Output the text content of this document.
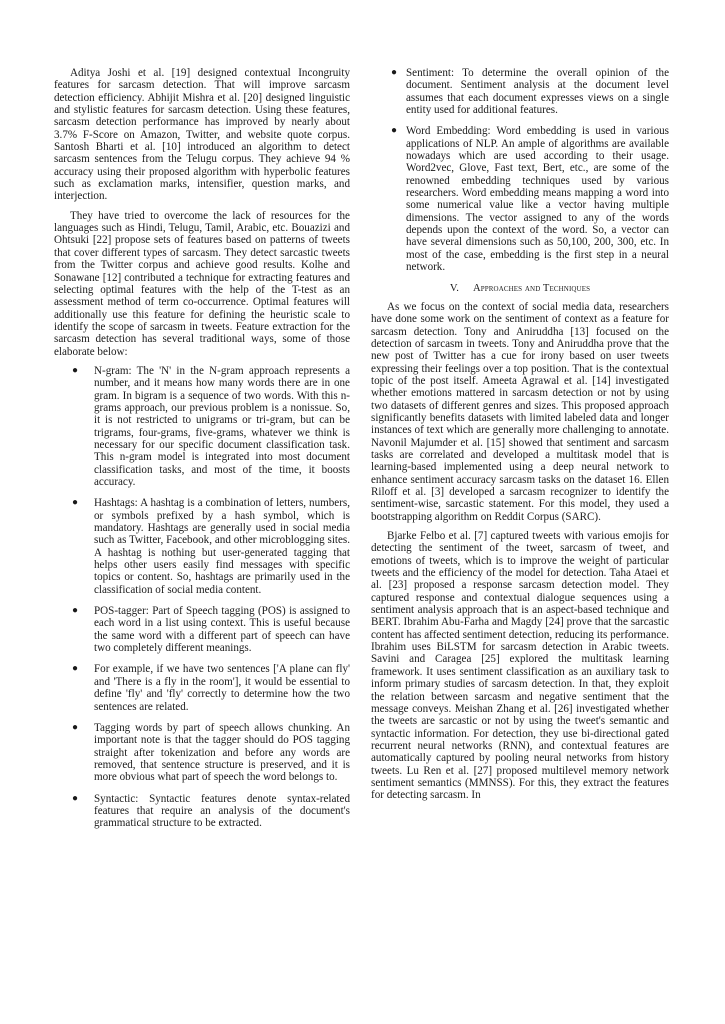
Aditya Joshi et al. [19] designed contextual Incongruity features for sarcasm detection. That will improve sarcasm detection efficiency. Abhijit Mishra et al. [20] designed linguistic and stylistic features for sarcasm detection. Using these features, sarcasm detection performance has improved by nearly about 3.7% F-Score on Amazon, Twitter, and website quote corpus. Santosh Bharti et al. [10] introduced an algorithm to detect sarcasm sentences from the Telugu corpus. They achieve 94 % accuracy using their proposed algorithm with hyperbolic features such as exclamation marks, intensifier, question marks, and interjection.

They have tried to overcome the lack of resources for the languages such as Hindi, Telugu, Tamil, Arabic, etc. Bouazizi and Ohtsuki [22] propose sets of features based on patterns of tweets that cover different types of sarcasm. They detect sarcastic tweets from the Twitter corpus and achieve good results. Kolhe and Sonawane [12] contributed a technique for extracting features and selecting optimal features with the help of the T-test as an assessment method of term co-occurrence. Optimal features will additionally use this feature for defining the heuristic scale to identify the scope of sarcasm in tweets. Feature extraction for the sarcasm detection has several traditional ways, some of those elaborate below:

● N-gram: The 'N' in the N-gram approach represents a number, and it means how many words there are in one gram. In bigram is a sequence of two words. With this n-grams approach, our previous problem is a nonissue. So, it is not restricted to unigrams or tri-gram, but can be trigrams, four-grams, five-grams, whatever we think is necessary for our specific document classification task. This n-gram model is integrated into most document classification tasks, and most of the time, it boosts accuracy.
● Hashtags: A hashtag is a combination of letters, numbers, or symbols prefixed by a hash symbol, which is mandatory. Hashtags are generally used in social media such as Twitter, Facebook, and other microblogging sites. A hashtag is nothing but user-generated tagging that helps other users easily find messages with specific topics or content. So, hashtags are primarily used in the classification of social media content.
● POS-tagger: Part of Speech tagging (POS) is assigned to each word in a list using context. This is useful because the same word with a different part of speech can have two completely different meanings.
● For example, if we have two sentences ['A plane can fly' and 'There is a fly in the room'], it would be essential to define 'fly' and 'fly' correctly to determine how the two sentences are related.
● Tagging words by part of speech allows chunking. An important note is that the tagger should do POS tagging straight after tokenization and before any words are removed, that sentence structure is preserved, and it is more obvious what part of speech the word belongs to.
● Syntactic: Syntactic features denote syntax-related features that require an analysis of the document's grammatical structure to be extracted.
● Sentiment: To determine the overall opinion of the document. Sentiment analysis at the document level assumes that each document expresses views on a single entity used for additional features.
● Word Embedding: Word embedding is used in various applications of NLP. An ample of algorithms are available nowadays which are used according to their usage. Word2vec, Glove, Fast text, Bert, etc., are some of the renowned embedding techniques used by various researchers. Word embedding means mapping a word into some numerical value like a vector having multiple dimensions. The vector assigned to any of the words depends upon the context of the word. So, a vector can have several dimensions such as 50,100, 200, 300, etc. In most of the case, embedding is the first step in a neural network.
V. Approaches and Techniques

As we focus on the context of social media data, researchers have done some work on the sentiment of context as a feature for sarcasm detection. Tony and Aniruddha [13] focused on the detection of sarcasm in tweets. Tony and Aniruddha prove that the new post of Twitter has a cue for irony based on user tweets expressing their feelings over a top position. That is the contextual topic of the post itself. Ameeta Agrawal et al. [14] investigated whether emotions mattered in sarcasm detection or not by using two datasets of different genres and sizes. This proposed approach significantly benefits datasets with limited labeled data and longer instances of text which are generally more challenging to annotate. Navonil Majumder et al. [15] showed that sentiment and sarcasm tasks are correlated and developed a multitask model that is learning-based implemented using a deep neural network to enhance sentiment accuracy sarcasm tasks on the dataset 16. Ellen Riloff et al. [3] developed a sarcasm recognizer to identify the sentiment-wise, sarcastic statement. For this model, they used a bootstrapping algorithm on Reddit Corpus (SARC).

Bjarke Felbo et al. [7] captured tweets with various emojis for detecting the sentiment of the tweet, sarcasm of tweet, and emotions of tweets, which is to improve the weight of particular tweets and the efficiency of the model for detection. Taha Ataei et al. [23] proposed a response sarcasm detection model. They captured response and contextual dialogue sequences using a sentiment analysis approach that is an aspect-based technique and BERT. Ibrahim Abu-Farha and Magdy [24] prove that the sarcastic content has affected sentiment detection, reducing its performance. Ibrahim uses BiLSTM for sarcasm detection in Arabic tweets. Savini and Caragea [25] explored the multitask learning framework. It uses sentiment classification as an auxiliary task to inform primary studies of sarcasm detection. In that, they exploit the relation between sarcasm and negative sentiment that the message conveys. Meishan Zhang et al. [26] investigated whether the tweets are sarcastic or not by using the tweet's semantic and syntactic information. For detection, they use bi-directional gated recurrent neural networks (RNN), and contextual features are automatically captured by pooling neural networks from history tweets. Lu Ren et al. [27] proposed multilevel memory network sentiment semantics (MMNSS). For this, they extract the features for detecting sarcasm. In
